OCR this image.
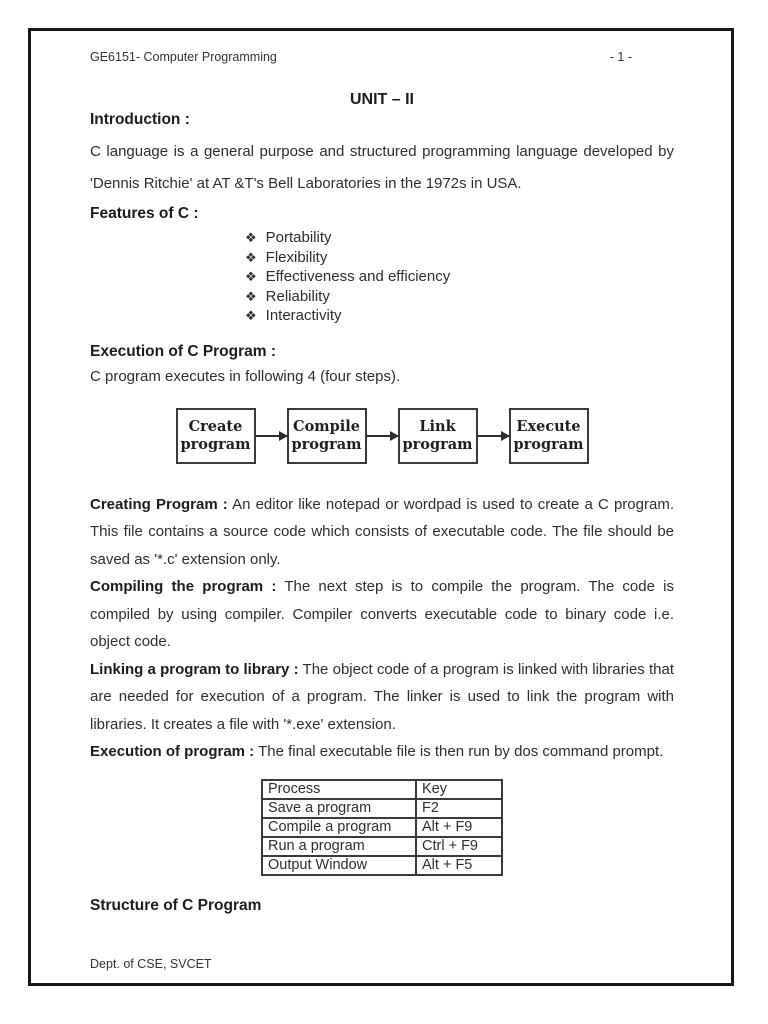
GE6151- Computer Programming	- 1 -
UNIT – II
Introduction :
C language is a general purpose and structured programming language developed by 'Dennis Ritchie' at AT &T's Bell Laboratories in the 1972s in USA.
Features of C :
❖ Portability
❖ Flexibility
❖ Effectiveness and efficiency
❖ Reliability
❖ Interactivity
Execution of C Program :
C program executes in following 4 (four steps).
Create program
Compile program
Link program
Execute program

Creating Program : An editor like notepad or wordpad is used to create a C program. This file contains a source code which consists of executable code. The file should be saved as '*.c' extension only.

Compiling the program : The next step is to compile the program. The code is compiled by using compiler. Compiler converts executable code to binary code i.e. object code.

Linking a program to library : The object code of a program is linked with libraries that are needed for execution of a program. The linker is used to link the program with libraries. It creates a file with '*.exe' extension.

Execution of program : The final executable file is then run by dos command prompt.

Process	Key
Save a program	F2
Compile a program	Alt + F9
Run a program	Ctrl + F9
Output Window	Alt + F5
Structure of C Program
Dept. of CSE, SVCET
